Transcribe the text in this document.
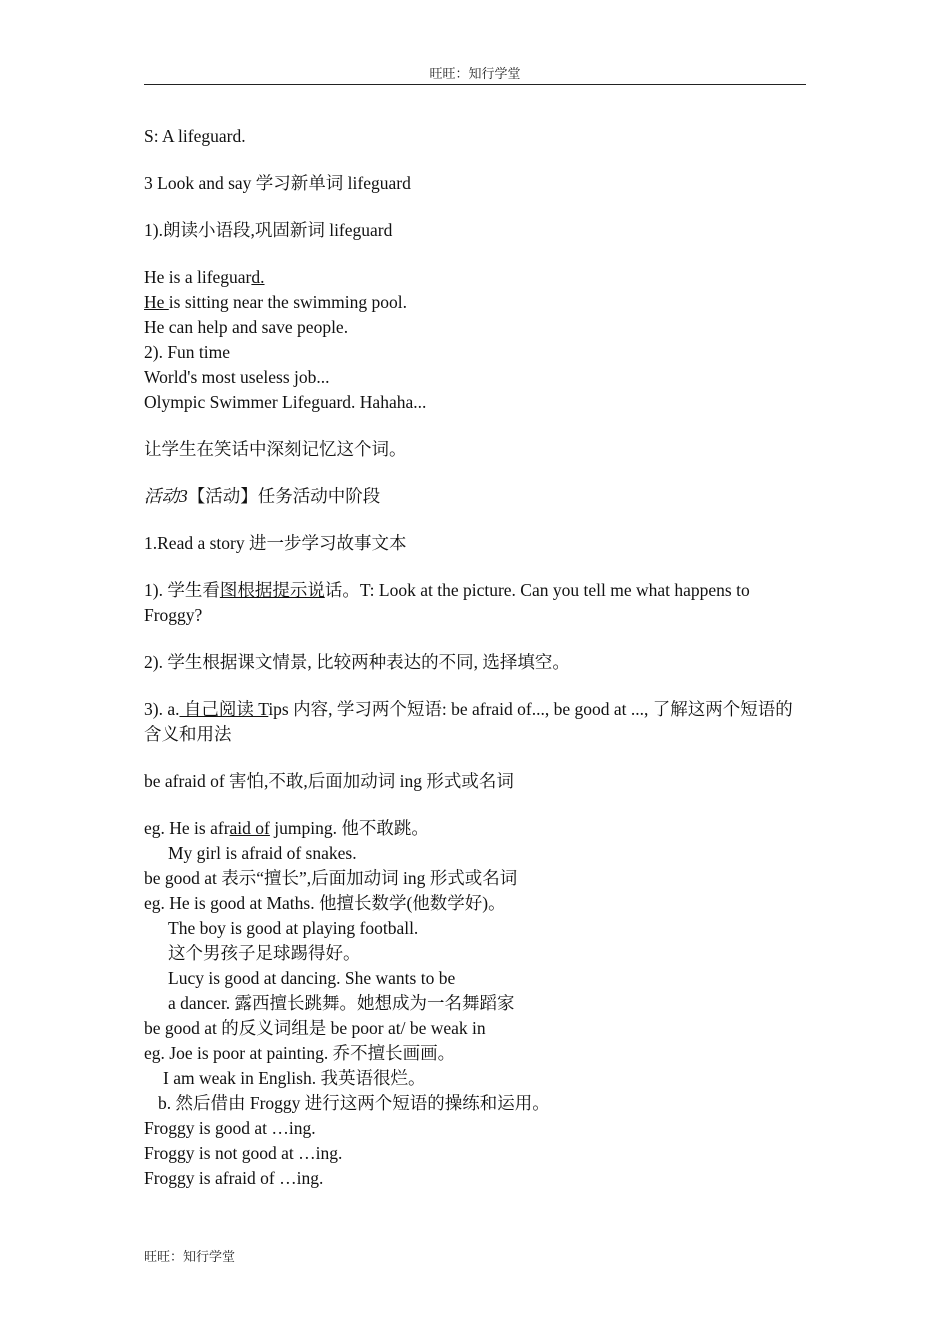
旺旺：知行学堂

S: A lifeguard.

3 Look and say 学习新单词 lifeguard

1).朗读小语段,巩固新词 lifeguard

He is a lifeguard.

He is sitting near the swimming pool.

He can help and save people.

2). Fun time

World's most useless job...

Olympic Swimmer Lifeguard. Hahaha...

让学生在笑话中深刻记忆这个词。

活动3【活动】任务活动中阶段

1.Read a story 进一步学习故事文本

1). 学生看图根据提示说话。T: Look at the picture. Can you tell me what happens to Froggy?

2). 学生根据课文情景, 比较两种表达的不同, 选择填空。

3). a. 自己阅读 Tips 内容, 学习两个短语: be afraid of..., be good at ..., 了解这两个短语的含义和用法

be afraid of 害怕,不敢,后面加动词 ing 形式或名词

eg. He is afraid of jumping. 他不敢跳。

My girl is afraid of snakes.

be good at 表示“擅长”,后面加动词 ing 形式或名词

eg. He is good at Maths. 他擅长数学(他数学好)。

The boy is good at playing football.

这个男孩子足球踢得好。

Lucy is good at dancing. She wants to be

a dancer. 露西擅长跳舞。她想成为一名舞蹈家

be good at 的反义词组是 be poor at/ be weak in

eg. Joe is poor at painting. 乔不擅长画画。

I am weak in English. 我英语很烂。

b. 然后借由 Froggy 进行这两个短语的操练和运用。

Froggy is good at …ing.

Froggy is not good at …ing.

Froggy is afraid of …ing.

旺旺：知行学堂
